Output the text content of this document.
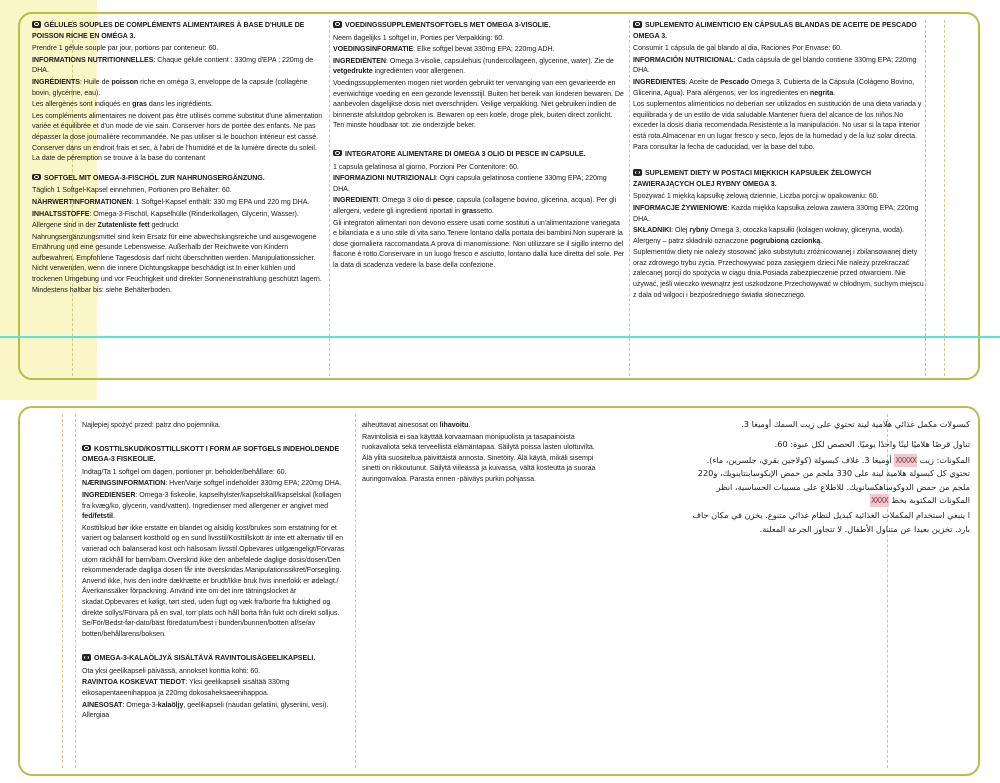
GÉLULES SOUPLES DE COMPLÉMENTS ALIMENTAIRES À BASE D'HUILE DE POISSON RICHE EN OMÉGA 3.

Prendre 1 gélule souple par jour, portions par conteneur: 60.

INFORMATIONS NUTRITIONNELLES: Chaque gélule contient : 330mg d'EPA ; 220mg de DHA.

INGRÉDIENTS: Huile de poisson riche en oméga 3, enveloppe de la capsule (collagène bovin, glycérine, eau).

Les allergènes sont indiqués en gras dans les ingrédients.

Les compléments alimentaires ne doivent pas être utilisés comme substitut d'une alimentation variée et équilibrée et d'un mode de vie sain. Conserver hors de portée des enfants. Ne pas dépasser la dose journalière recommandée. Ne pas utiliser si le bouchon intérieur est cassé. Conserver dans un endroit frais et sec, à l'abri de l'humidité et de la lumière directe du soleil. La date de péremption se trouve à la base du contenant

SOFTGEL MIT OMEGA-3-FISCHÖL ZUR NAHRUNGSERGÄNZUNG.

Täglich 1 Softgel-Kapsel einnehmen, Portionen pro Behälter: 60.

NÄHRWERTINFORMATIONEN: 1 Softgel-Kapsel enthält: 330 mg EPA und 220 mg DHA.

INHALTSSTOFFE: Omega-3-Fischöl, Kapselhülle (Rinderkollagen, Glycerin, Wasser).

Allergene sind in der Zutatenliste fett gedruckt

Nahrungsergänzungsmittel sind kein Ersatz für eine abwechslungsreiche und ausgewogene Ernährung und eine gesunde Lebensweise. Außerhalb der Reichweite von Kindern aufbewahren. Empfohlene Tagesdosis darf nicht überschritten werden. Manipulationssicher. Nicht verwenden, wenn die innere Dichtungskappe beschädigt ist.In einer kühlen und trockenen Umgebung und vor Feuchtigkeit und direkter Sonneneinstrahlung geschützt lagern. Mindestens haltbar bis: siehe Behälterboden.

VOEDINGSSUPPLEMENTSOFTGELS MET OMEGA 3-VISOLIE.

Neem dagelijks 1 softgel in, Porties per Verpakking: 60.

VOEDINGSINFORMATIE: Elke softgel bevat 330mg EPA; 220mg ADH.

INGREDIËNTEN: Omega 3-visolie, capsulehuis (rundercollageen, glycerine, water). Zie de vetgedrukte ingrediënten voor allergenen.

Voedingssupplementen mogen niet worden gebruikt ter vervanging van een gevarieerde en evenwichtige voeding en een gezonde levensstijl. Buiten het bereik van kinderen bewaren. De aanbevolen dagelijkse dosis niet overschrijden. Veilige verpakking. Niet gebruiken indien de binnenste afsluitdop gebroken is. Bewaren op een koele, droge plek, buiten direct zonlicht. Ten minste houdbaar tot: zie onderzijde beker.

INTEGRATORE ALIMENTARE DI OMEGA 3 OLIO DI PESCE IN CAPSULE.

1 capsula gelatinosa al giorno, Porzioni Per Contenitore: 60.

INFORMAZIONI NUTRIZIONALI: Ogni capsula gelatinosa contiene 330mg EPA; 220mg DHA.

INGREDIENTI: Omega 3 olio di pesce, capsula (collagene bovino, glicerina, acqua). Per gli allergeni, vedere gli ingredienti riportati in grassetto.

Gli integratori alimentari non devono essere usati come sostituti a un'alimentazione variegata e bilanciata e a uno stile di vita sano.Tenere lontano dalla portata dei bambini.Non superare la dose giornaliera raccomandata.A prova di manomissione. Non utilizzare se il sigillo interno del flacone è rotto.Conservare in un luogo fresco e asciutto, lontano dalla luce diretta del sole. Per la data di scadenza vedere la base della confezione.

SUPLEMENTO ALIMENTICIO EN CÁPSULAS BLANDAS DE ACEITE DE PESCADO OMEGA 3.

Consumir 1 cápsula de gal blando al dia, Raciones Por Envase: 60.

INFORMACIÓN NUTRICIONAL: Cada cápsula de gel blando contiene 330mg EPA; 220mg DHA.

INGREDIENTES: Aceite de Pescado Omega 3, Cubierta de la Cápsula (Colágeno Bovino, Glicerina, Agua). Para alérgenos, ver los ingredientes en negrita.

Los suplementos alimenticios no deberían ser utilizados en sustitución de una dieta variada y equilibrada y de un estilo de vida saludable.Mantener fuera del alcance de los niños.No exceder la dosis diaria recomendada.Resistente a la manipulación. No usar si la tapa interior está rota.Almacenar en un lugar fresco y seco, lejos de la humedad y de la luz solar directa. Para consultar la fecha de caducidad, ver la base del tubo.

SUPLEMENT DIETY W POSTACI MIĘKKICH KAPSUŁEK ŻELOWYCH ZAWIERAJĄCYCH OLEJ RYBNY OMEGA 3.

Spożywać 1 miękką kapsułkę żelową dziennie, Liczba porcji w opakowaniu: 60.

INFORMACJE ŻYWIENIOWE: Każda miękka kapsułka żelowa zawiera 330mg EPA; 220mg DHA.

SKŁADNIKI: Olej rybny Omega 3, otoczka kapsułki (kolagen wołowy, gliceryna, woda). Alergeny – patrz składniki oznaczone pogrubioną czcionką.

Suplementów diety nie należy stosować jako substytutu zróżnicowanej i zbilansowanej diety oraz zdrowego trybu życia. Przechowywać poza zasięgiem dzieci.Nie należy przekraczać zalecanej porcji do spożycia w ciągu dnia.Posiada zabezpieczenie przed otwarciem. Nie używać, jeśli wieczko wewnątrz jest uszkodzone.Przechowywać w chłodnym, suchym miejscu z dala od wilgoci i bezpośredniego światła słonecznego.

Najlepiej spożyć przed: patrz dno pojemnika.

KOSTTILSKUD/KOSTTILLSKOTT I FORM AF SOFTGELS INDEHOLDENDE OMEGA-3 FISKEOLIE.

Indtag/Ta 1 softgel om dagen, portioner pr. beholder/behållare: 60.

NÆRINGSINFORMATION: Hver/Varje softgel indeholder 330mg EPA; 220mg DHA.

INGREDIENSER: Omega-3 fiskeolie, kapselhylster/kapselskall/kapselskal (kollagen fra kvæg/ko, glycerin, vand/vatten). Ingredienser med allergener er angivet med fed/fetstil.

Kosttilskud bør ikke erstatte en blandet og alsidig kost/brukes som erstatning for et variert og balansert kosthold og en sund livsstil/Kosttillskott är inte ett alternativ till en varierad och balanserad kost och hälsosam livsstil.Opbevares utilgængeligt/Förvaras utom räckhåll for børn/barn.Overskrid ikke den anbefalede daglige dosis/dosen/Den rekommenderade dagliga dosen får inte överskridas.Manipulationssikret/Forsegling. Anvend ikke, hvis den indre dækhætte er brudt/Ikke bruk hvis innerlokk er ødelagt./Åverkanssäker förpackning. Använd inte om det inre tätningslocket är skadat.Opbevares et køligt, tørt sted, uden fugt og væk fra/borte fra fuktighed og direkte sollys/Förvara på en sval, torr plats och håll borta från fukt och direkt solljus. Se/För/Bedst-før-dato/bäst föredatum/best i bunden/bunnen/botten af/se/av botten/behållarens/boksen.

OMEGA-3-KALAÖLJYÄ SISÄLTÄVÄ RAVINTOLISÄGEELIKAPSELI.

Ota yksi geelikapseli päivässä, annokset konttia kohti: 60.

RAVINTOA KOSKEVAT TIEDOT: Yksi geelikapseli sisältää 330mg eikosapentaeenihappoa ja 220mg dokosaheksaeenihappoa.

AINESOSAT: Omega-3-kalaöljy, geelikapseli (naudan gelatiini, glyseriini, vesi). Allergiaa

aiheuttavat ainesosat on lihavoitu.

Ravintolisiä ei saa käyttää korvaamaan monipuolista ja tasapainoista ruokavaliota sekä terveellistä elämäntapaa. Säilytä poissa lasten ulottuvilta. Älä ylitä suositeltua päivittäistä annosta. Sinetöity. Älä käytä, mikäli sisempi sinetti on rikkoutunut. Säilytä viileässä ja kuivassa, vältä kosteutta ja suoraa auringonvaloa. Parasta ennen -päiväys purkin pohjassa.

كبسولات مكمل غذائي هلامية لينة تحتوي على زيت السمك أوميغا 3.

تناول قرصًا هلاميًا لينًا واحدًا يوميًا. الحصص لكل عبوة: 60.

المكونات: زيت XXXXX أوميغا 3. غلاف كبسولة (كولاجين بقري، جلسرين، ماء). تحتوي كل كبسولة هلامية لينة على 330 ملجم من حمض الإيكوسابنتاينويك، و220 ملجم من حمض الدوكوساهكسانويك. للاطلاع على مسببات الحساسية، انظر المكونات المكتوبة بخط XXXX

ا ينبغي استخدام المكملات الغذائية كبديل لنظام غذائي متنوع. يخزن في مكان جاف بارد. تخزين بعيدا عن متناول الأطفال. لا تتجاوز الجرعة المعلنة.
